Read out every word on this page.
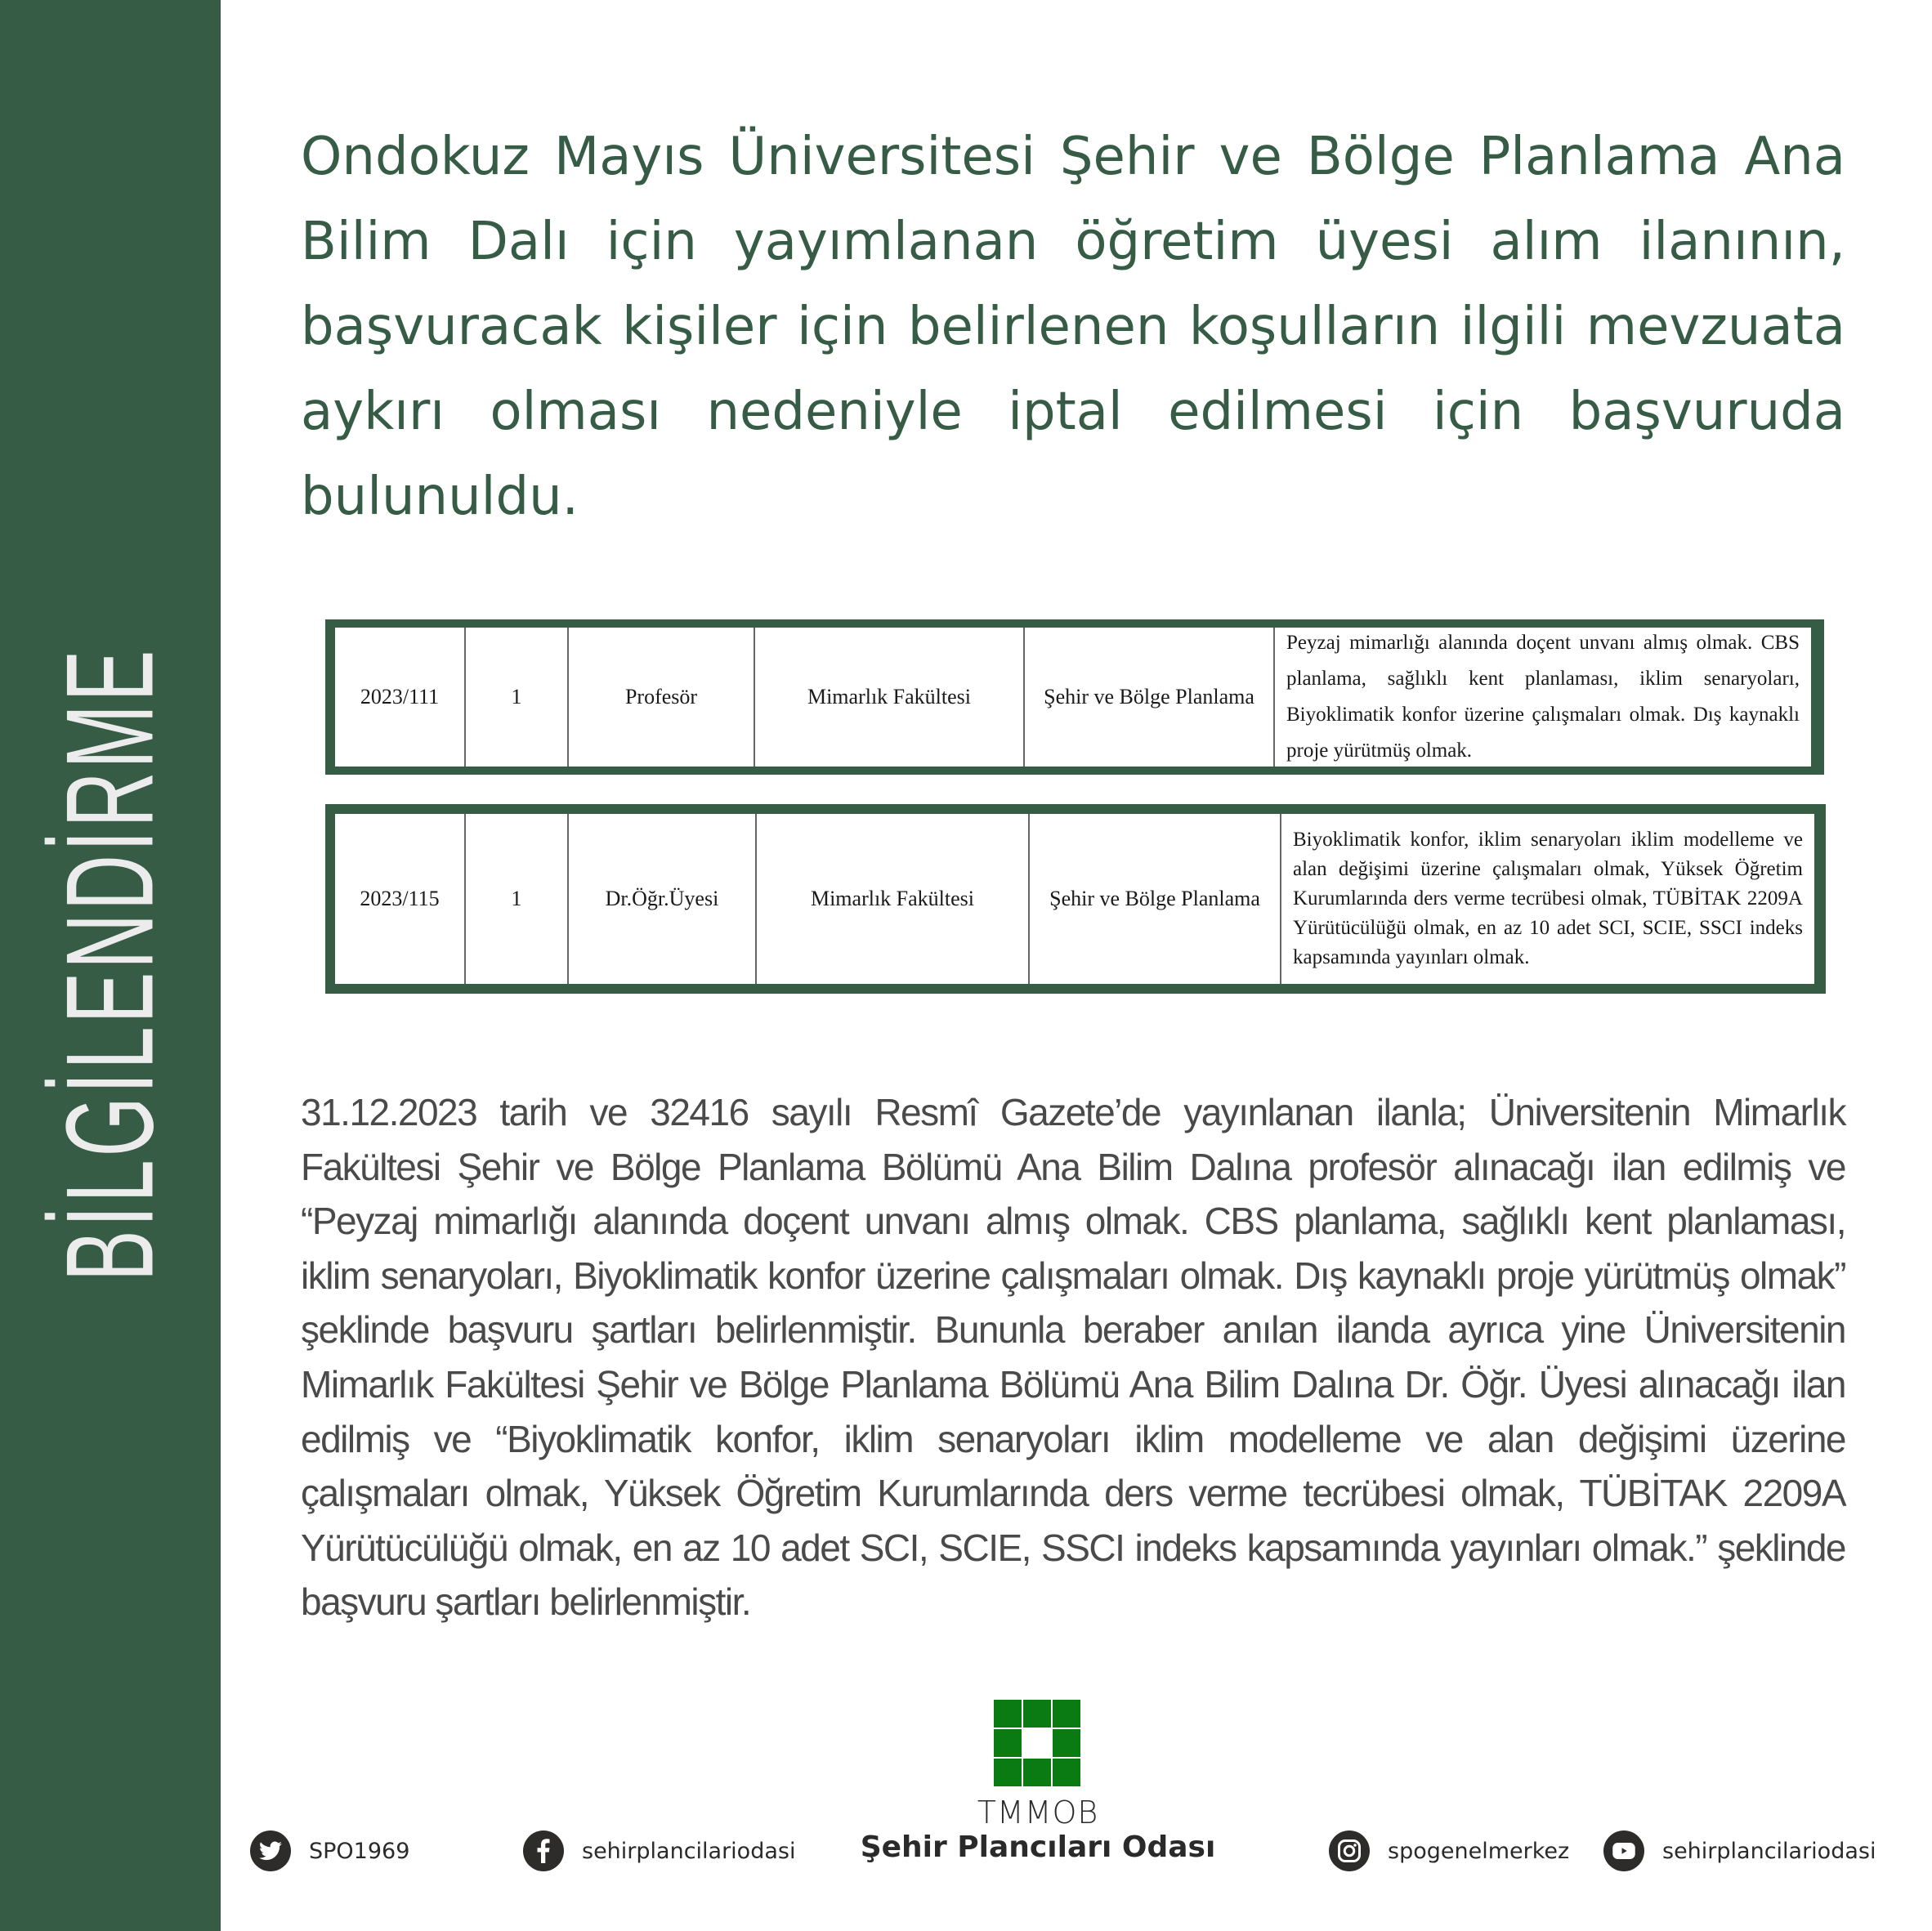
BİLGİLENDİRME
Ondokuz Mayıs Üniversitesi Şehir ve Bölge Planlama Ana Bilim Dalı için yayımlanan öğretim üyesi alım ilanının, başvuracak kişiler için belirlenen koşulların ilgili mevzuata aykırı olması nedeniyle iptal edilmesi için başvuruda bulunuldu.
2023/111	1	Profesör	Mimarlık Fakültesi	Şehir ve Bölge Planlama
Peyzaj mimarlığı alanında doçent unvanı almış olmak. CBS planlama, sağlıklı kent planlaması, iklim senaryoları, Biyoklimatik konfor üzerine çalışmaları olmak. Dış kaynaklı proje yürütmüş olmak.
2023/115	1	Dr.Öğr.Üyesi	Mimarlık Fakültesi	Şehir ve Bölge Planlama
Biyoklimatik konfor, iklim senaryoları iklim modelleme ve alan değişimi üzerine çalışmaları olmak, Yüksek Öğretim Kurumlarında ders verme tecrübesi olmak, TÜBİTAK 2209A Yürütücülüğü olmak, en az 10 adet SCI, SCIE, SSCI indeks kapsamında yayınları olmak.
31.12.2023 tarih ve 32416 sayılı Resmî Gazete’de yayınlanan ilanla; Üniversitenin Mimarlık Fakültesi Şehir ve Bölge Planlama Bölümü Ana Bilim Dalına profesör alınacağı ilan edilmiş ve “Peyzaj mimarlığı alanında doçent unvanı almış olmak. CBS planlama, sağlıklı kent planlaması, iklim senaryoları, Biyoklimatik konfor üzerine çalışmaları olmak. Dış kaynaklı proje yürütmüş olmak” şeklinde başvuru şartları belirlenmiştir. Bununla beraber anılan ilanda ayrıca yine Üniversitenin Mimarlık Fakültesi Şehir ve Bölge Planlama Bölümü Ana Bilim Dalına Dr. Öğr. Üyesi alınacağı ilan edilmiş ve “Biyoklimatik konfor, iklim senaryoları iklim modelleme ve alan değişimi üzerine çalışmaları olmak, Yüksek Öğretim Kurumlarında ders verme tecrübesi olmak, TÜBİTAK 2209A Yürütücülüğü olmak, en az 10 adet SCI, SCIE, SSCI indeks kapsamında yayınları olmak.” şeklinde başvuru şartları belirlenmiştir.
TMMOB
Şehir Plancıları Odası
SPO1969	sehirplancilariodasi	spogenelmerkez	sehirplancilariodasi
